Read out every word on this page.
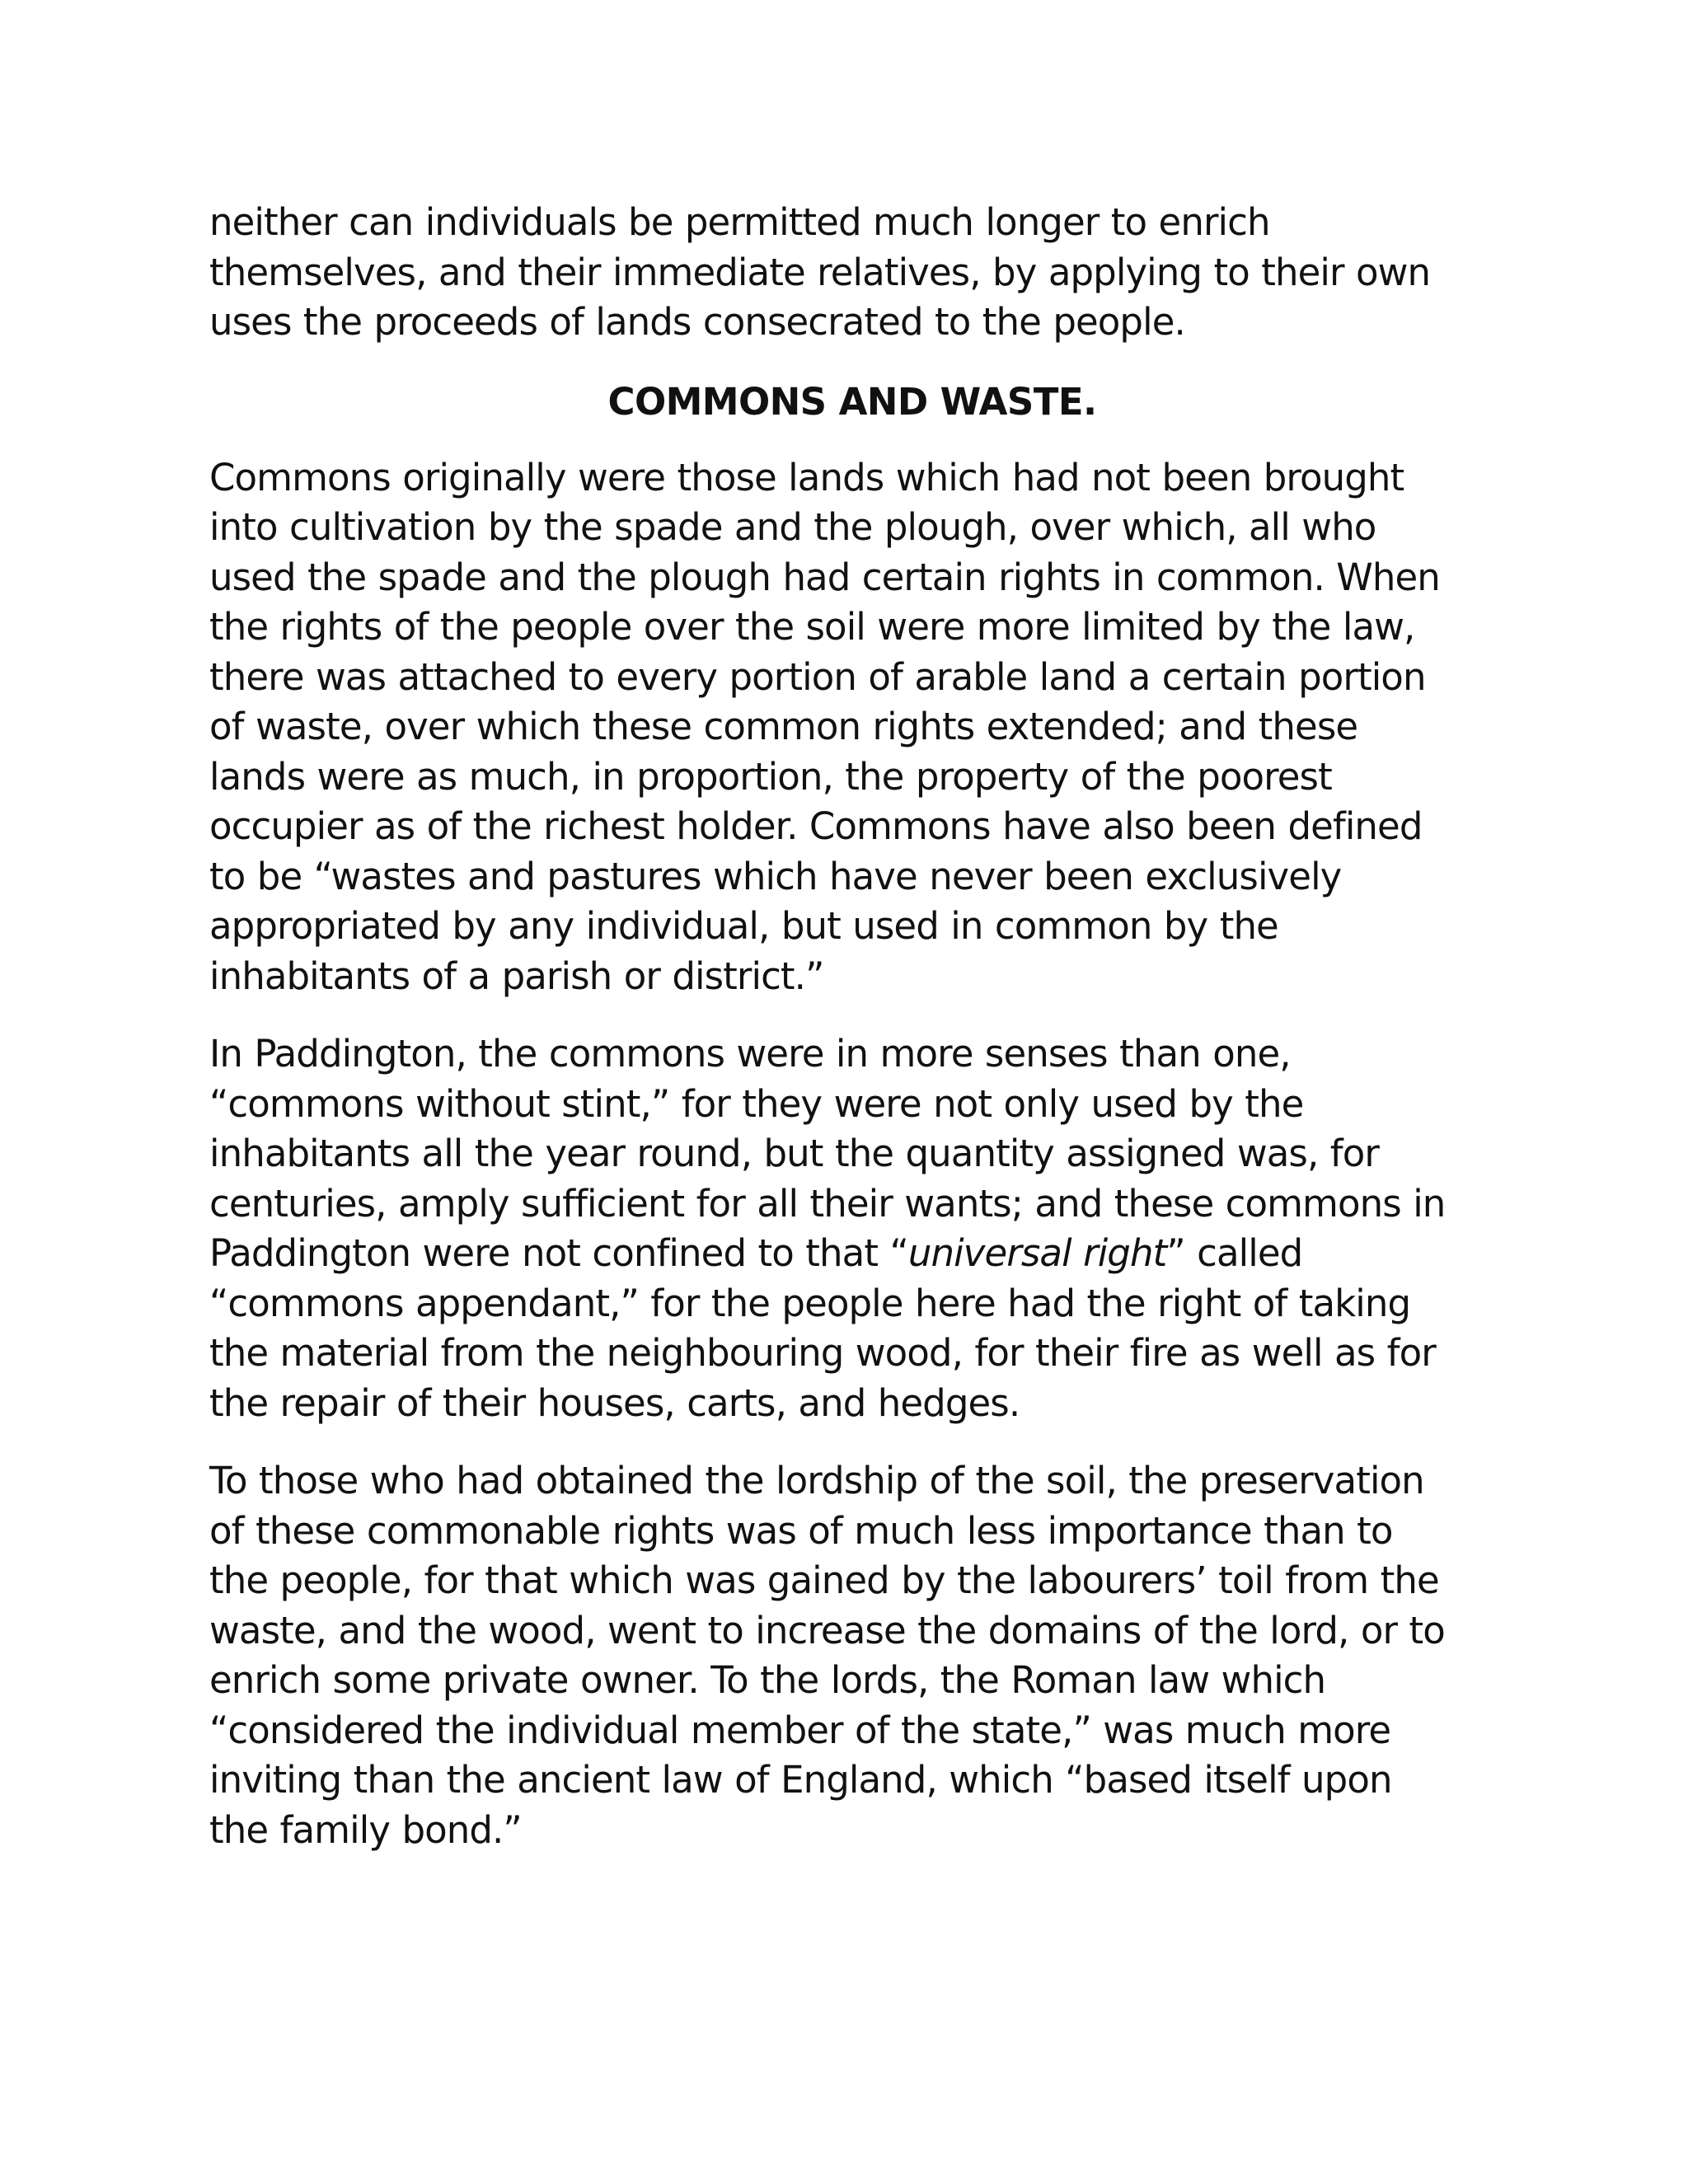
neither can individuals be permitted much longer to enrich
themselves, and their immediate relatives, by applying to their own
uses the proceeds of lands consecrated to the people.

COMMONS AND WASTE.

Commons originally were those lands which had not been brought
into cultivation by the spade and the plough, over which, all who
used the spade and the plough had certain rights in common. When
the rights of the people over the soil were more limited by the law,
there was attached to every portion of arable land a certain portion
of waste, over which these common rights extended; and these
lands were as much, in proportion, the property of the poorest
occupier as of the richest holder. Commons have also been defined
to be “wastes and pastures which have never been exclusively
appropriated by any individual, but used in common by the
inhabitants of a parish or district.”

In Paddington, the commons were in more senses than one,
“commons without stint,” for they were not only used by the
inhabitants all the year round, but the quantity assigned was, for
centuries, amply sufficient for all their wants; and these commons in
Paddington were not confined to that “universal right” called
“commons appendant,” for the people here had the right of taking
the material from the neighbouring wood, for their fire as well as for
the repair of their houses, carts, and hedges.

To those who had obtained the lordship of the soil, the preservation
of these commonable rights was of much less importance than to
the people, for that which was gained by the labourers’ toil from the
waste, and the wood, went to increase the domains of the lord, or to
enrich some private owner. To the lords, the Roman law which
“considered the individual member of the state,” was much more
inviting than the ancient law of England, which “based itself upon
the family bond.”
